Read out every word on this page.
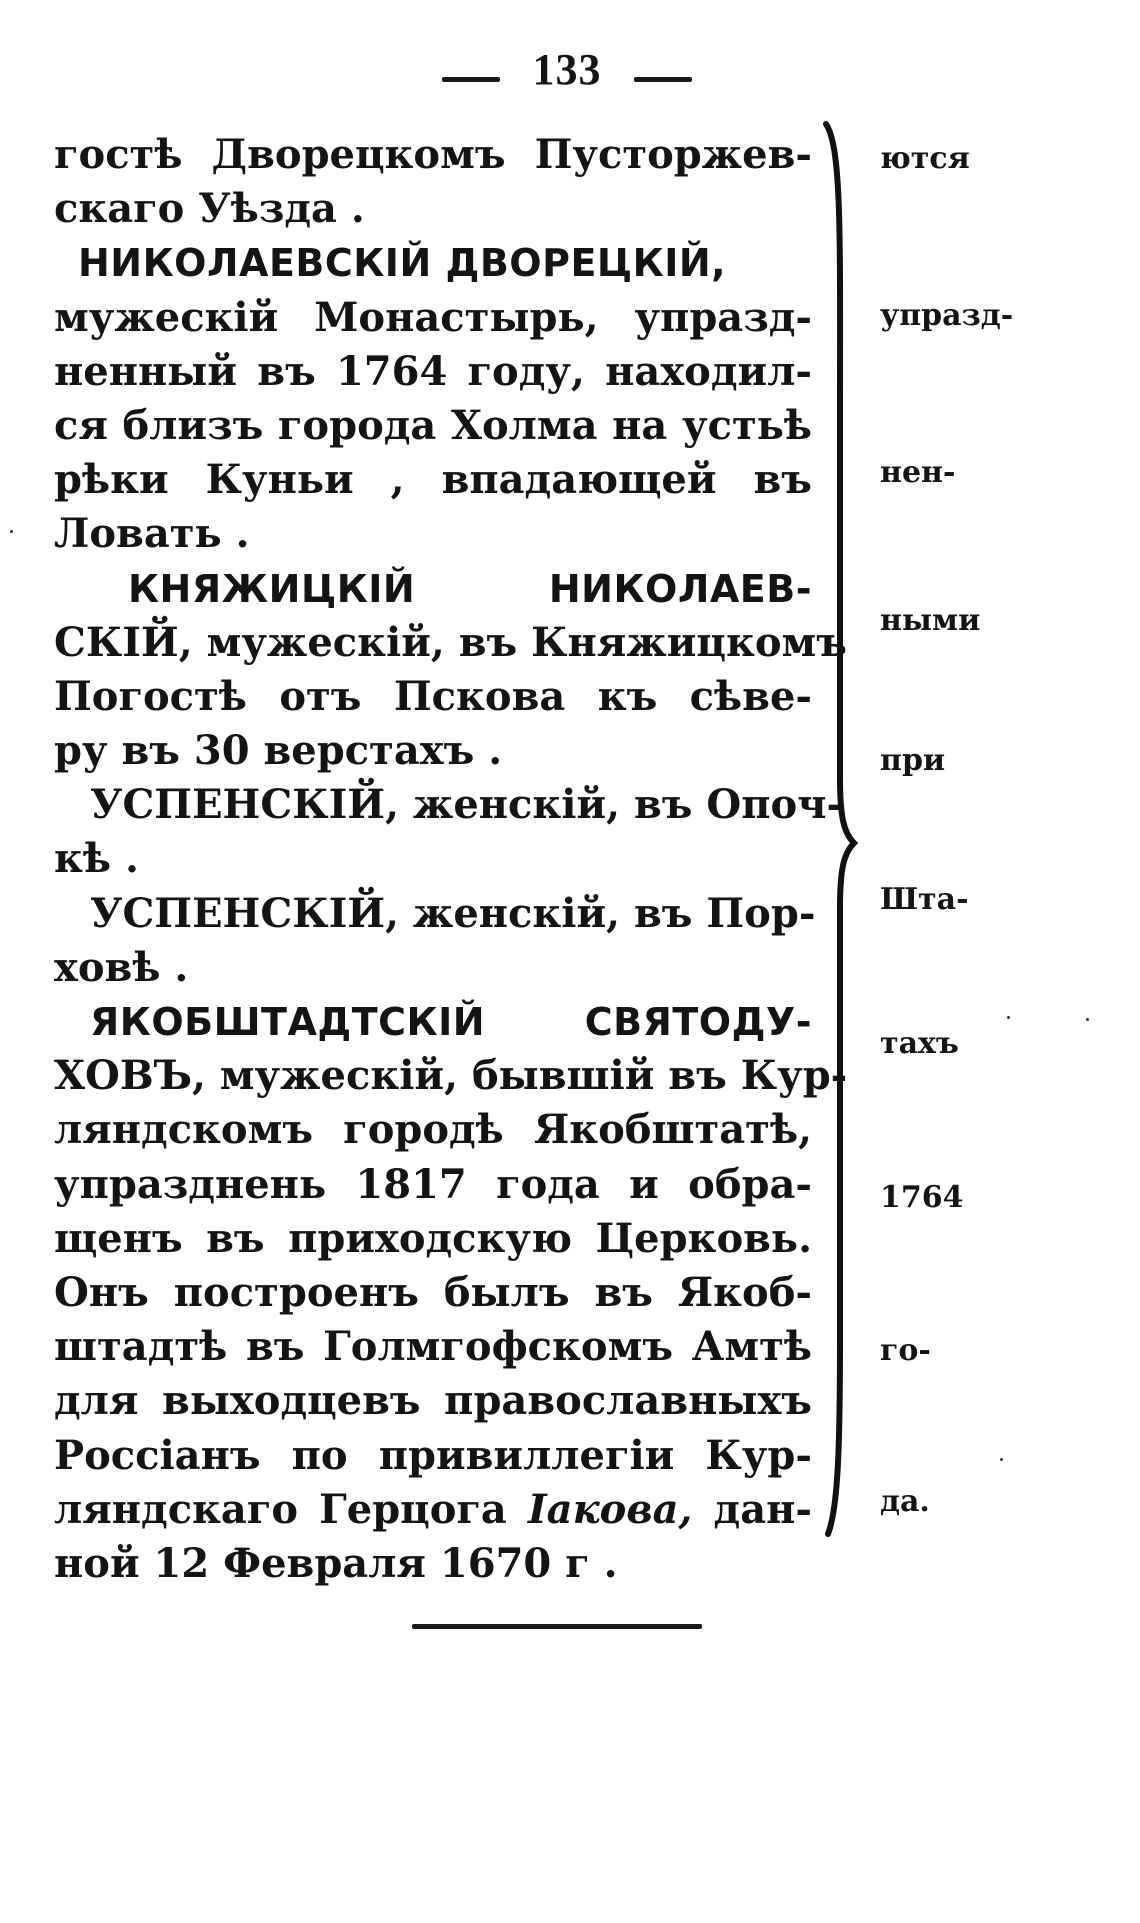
133
гостѣ Дворецкомъ Пусторжев-
скаго Уѣзда .
НИКОЛАЕВСКІЙ ДВОРЕЦКІЙ,
мужескій Монастырь, упразд-
ненный въ 1764 году, находил-
ся близъ города Холма на устьѣ
рѣки Куньи , впадающей въ
Ловать .
КНЯЖИЦКІЙ НИКОЛАЕВ-
СКІЙ, мужескій, въ Княжицкомъ
Погостѣ отъ Пскова къ сѣве-
ру въ 30 верстахъ .
УСПЕНСКІЙ, женскій, въ Опоч-
кѣ .
УСПЕНСКІЙ, женскій, въ Пор-
ховѣ .
ЯКОБШТАДТСКІЙ СВЯТОДУ-
ХОВЪ, мужескій, бывшій въ Кур-
ляндскомъ городѣ Якобштатѣ,
упразднень 1817 года и обра-
щенъ въ приходскую Церковь.
Онъ построенъ былъ въ Якоб-
штадтѣ въ Голмгофскомъ Амтѣ
для выходцевъ православныхъ
Россіанъ по привиллегіи Кур-
ляндскаго Герцога Іакова, дан-
ной 12 Февраля 1670 г .
ются
упразд-
нен-
ными
при
Шта-
тахъ
1764
го-
да.
